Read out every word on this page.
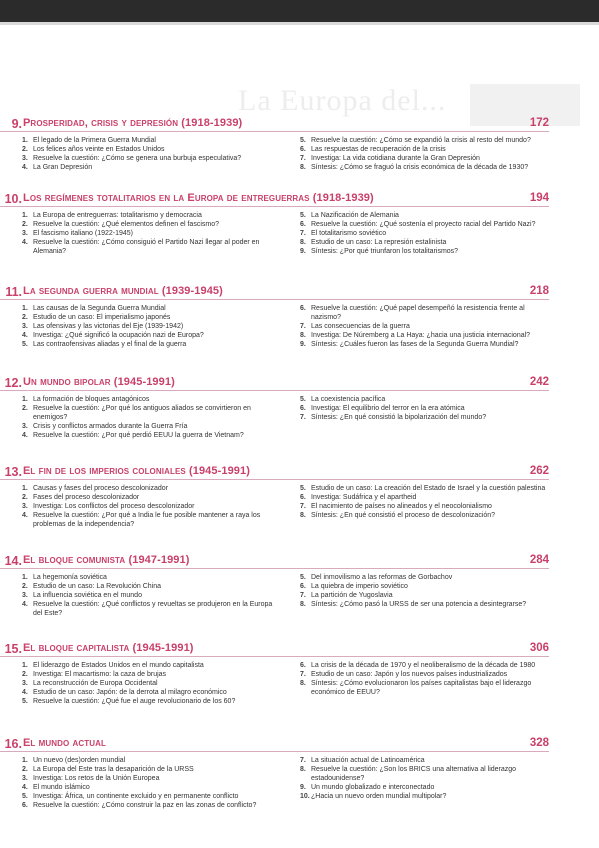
La Europa del...
9. Prosperidad, crisis y depresión (1918-1939)	172
1. El legado de la Primera Guerra Mundial
2. Los felices años veinte en Estados Unidos
3. Resuelve la cuestión: ¿Cómo se genera una burbuja especulativa?
4. La Gran Depresión
5. Resuelve la cuestión: ¿Cómo se expandió la crisis al resto del mundo?
6. Las respuestas de recuperación de la crisis
7. Investiga: La vida cotidiana durante la Gran Depresión
8. Síntesis: ¿Cómo se fraguó la crisis económica de la década de 1930?
10. Los regímenes totalitarios en la Europa de entreguerras (1918-1939)	194
1. La Europa de entreguerras: totalitarismo y democracia
2. Resuelve la cuestión: ¿Qué elementos definen el fascismo?
3. El fascismo italiano (1922-1945)
4. Resuelve la cuestión: ¿Cómo consiguió el Partido Nazi llegar al poder en Alemania?
5. La Nazificación de Alemania
6. Resuelve la cuestión: ¿Qué sostenía el proyecto racial del Partido Nazi?
7. El totalitarismo soviético
8. Estudio de un caso: La represión estalinista
9. Síntesis: ¿Por qué triunfaron los totalitarismos?
11. La segunda guerra mundial (1939-1945)	218
1. Las causas de la Segunda Guerra Mundial
2. Estudio de un caso: El imperialismo japonés
3. Las ofensivas y las victorias del Eje (1939-1942)
4. Investiga: ¿Qué significó la ocupación nazi de Europa?
5. Las contraofensivas aliadas y el final de la guerra
6. Resuelve la cuestión: ¿Qué papel desempeñó la resistencia frente al nazismo?
7. Las consecuencias de la guerra
8. Investiga: De Núremberg a La Haya: ¿hacia una justicia internacional?
9. Síntesis: ¿Cuáles fueron las fases de la Segunda Guerra Mundial?
12. Un mundo bipolar (1945-1991)	242
1. La formación de bloques antagónicos
2. Resuelve la cuestión: ¿Por qué los antiguos aliados se convirtieron en enemigos?
3. Crisis y conflictos armados durante la Guerra Fría
4. Resuelve la cuestión: ¿Por qué perdió EEUU la guerra de Vietnam?
5. La coexistencia pacífica
6. Investiga: El equilibrio del terror en la era atómica
7. Síntesis: ¿En qué consistió la bipolarización del mundo?
13. El fin de los imperios coloniales (1945-1991)	262
1. Causas y fases del proceso descolonizador
2. Fases del proceso descolonizador
3. Investiga: Los conflictos del proceso descolonizador
4. Resuelve la cuestión: ¿Por qué a India le fue posible mantener a raya los problemas de la independencia?
5. Estudio de un caso: La creación del Estado de Israel y la cuestión palestina
6. Investiga: Sudáfrica y el apartheid
7. El nacimiento de países no alineados y el neocolonialismo
8. Síntesis: ¿En qué consistió el proceso de descolonización?
14. El bloque comunista (1947-1991)	284
1. La hegemonía soviética
2. Estudio de un caso: La Revolución China
3. La influencia soviética en el mundo
4. Resuelve la cuestión: ¿Qué conflictos y revueltas se produjeron en la Europa del Este?
5. Del inmovilismo a las reformas de Gorbachov
6. La quiebra de imperio soviético
7. La partición de Yugoslavia
8. Síntesis: ¿Cómo pasó la URSS de ser una potencia a desintegrarse?
15. El bloque capitalista (1945-1991)	306
1. El liderazgo de Estados Unidos en el mundo capitalista
2. Investiga: El macartismo: la caza de brujas
3. La reconstrucción de Europa Occidental
4. Estudio de un caso: Japón: de la derrota al milagro económico
5. Resuelve la cuestión: ¿Qué fue el auge revolucionario de los 60?
6. La crisis de la década de 1970 y el neoliberalismo de la década de 1980
7. Estudio de un caso: Japón y los nuevos países industrializados
8. Síntesis: ¿Cómo evolucionaron los países capitalistas bajo el liderazgo económico de EEUU?
16. El mundo actual	328
1. Un nuevo (des)orden mundial
2. La Europa del Este tras la desaparición de la URSS
3. Investiga: Los retos de la Unión Europea
4. El mundo islámico
5. Investiga: África, un continente excluido y en permanente conflicto
6. Resuelve la cuestión: ¿Cómo construir la paz en las zonas de conflicto?
7. La situación actual de Latinoamérica
8. Resuelve la cuestión: ¿Son los BRICS una alternativa al liderazgo estadounidense?
9. Un mundo globalizado e interconectado
10. ¿Hacia un nuevo orden mundial multipolar?
